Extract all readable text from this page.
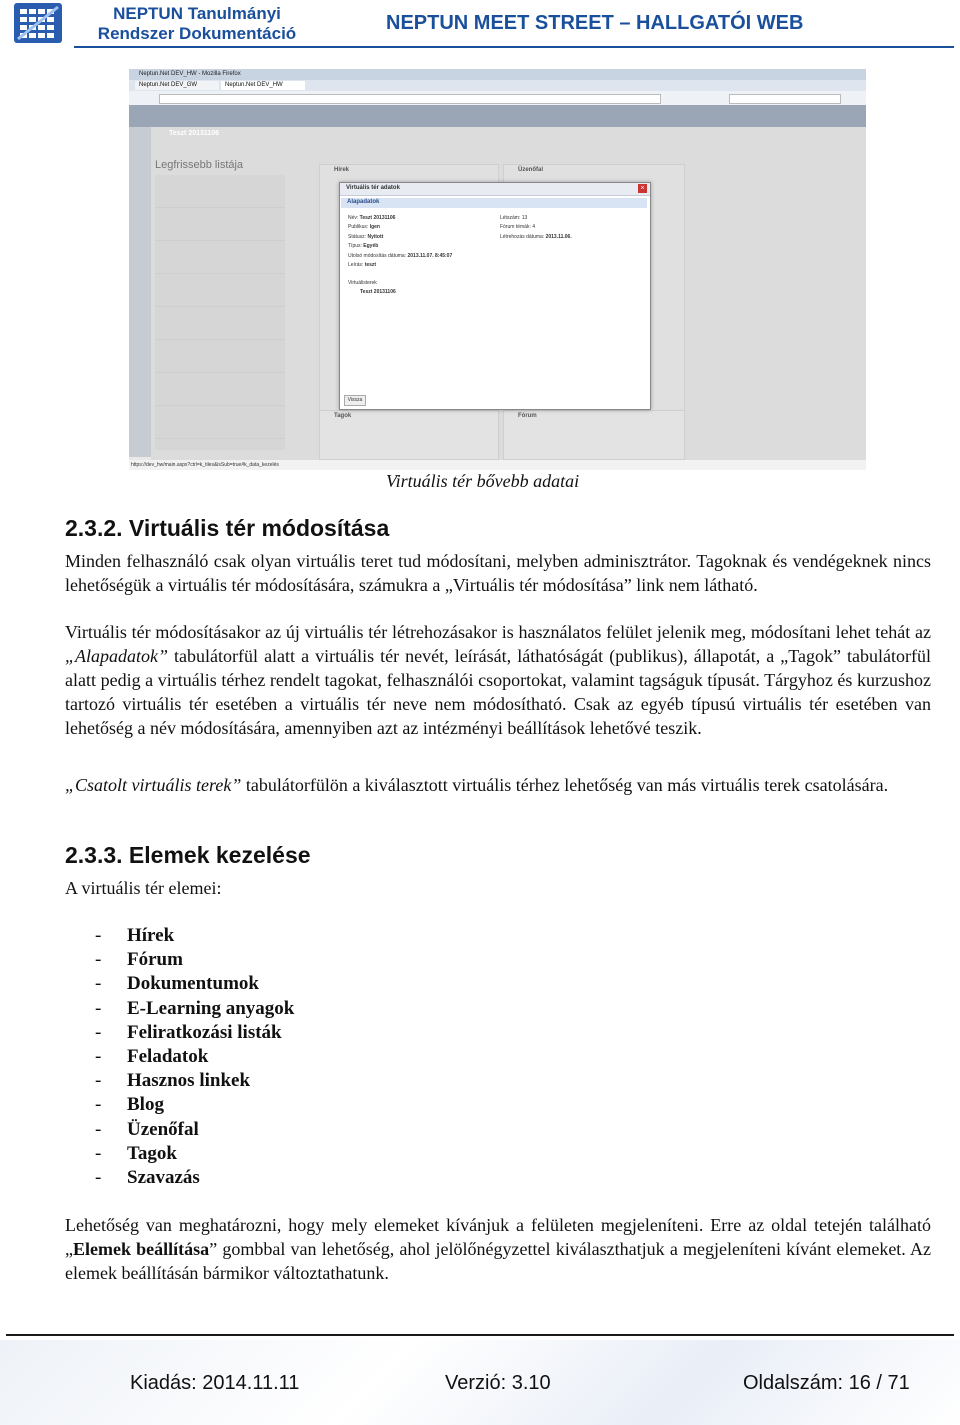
NEPTUN Tanulmányi
Rendszer Dokumentáció	NEPTUN MEET STREET – HALLGATÓI WEB
Neptun.Net DEV_HW - Mozilla Firefox
Neptun.Net DEV_GW	Neptun.Net DEV_HW
Teszt 20131106
Legfrissebb listája	Hírek	Üzenőfal
Tagok	Fórum
Virtuális tér adatok	×
Alapadatok
Név: Teszt 20131106
Publikus: Igen
Státusz: Nyitott
Típus: Egyéb
Utolsó módosítás dátuma: 2013.11.07. 8:45:07
Leírás: teszt
Létszám: 13
Fórum témák: 4
Létrehozás dátuma: 2013.11.06.
Virtuálisterek
Teszt 20131106
Vissza
https://dev_hw/main.aspx?ctrl=k_tiles&isSub=true#k_data_kezelés
Virtuális tér bővebb adatai
2.3.2. Virtuális tér módosítása
Minden felhasználó csak olyan virtuális teret tud módosítani, melyben adminisztrátor. Tagoknak és vendégeknek nincs lehetőségük a virtuális tér módosítására, számukra a „Virtuális tér módosítása” link nem látható.
Virtuális tér módosításakor az új virtuális tér létrehozásakor is használatos felület jelenik meg, módosítani lehet tehát az „Alapadatok” tabulátorfül alatt a virtuális tér nevét, leírását, láthatóságát (publikus), állapotát, a „Tagok” tabulátorfül alatt pedig a virtuális térhez rendelt tagokat, felhasználói csoportokat, valamint tagságuk típusát. Tárgyhoz és kurzushoz tartozó virtuális tér esetében a virtuális tér neve nem módosítható. Csak az egyéb típusú virtuális tér esetében van lehetőség a név módosítására, amennyiben azt az intézményi beállítások lehetővé teszik.
„Csatolt virtuális terek” tabulátorfülön a kiválasztott virtuális térhez lehetőség van más virtuális terek csatolására.
2.3.3. Elemek kezelése
A virtuális tér elemei:
- Hírek
- Fórum
- Dokumentumok
- E-Learning anyagok
- Feliratkozási listák
- Feladatok
- Hasznos linkek
- Blog
- Üzenőfal
- Tagok
- Szavazás
Lehetőség van meghatározni, hogy mely elemeket kívánjuk a felületen megjeleníteni. Erre az oldal tetején található „Elemek beállítása” gombbal van lehetőség, ahol jelölőnégyzettel kiválaszthatjuk a megjeleníteni kívánt elemeket. Az elemek beállításán bármikor változtathatunk.
Kiadás: 2014.11.11	Verzió: 3.10	Oldalszám: 16 / 71
